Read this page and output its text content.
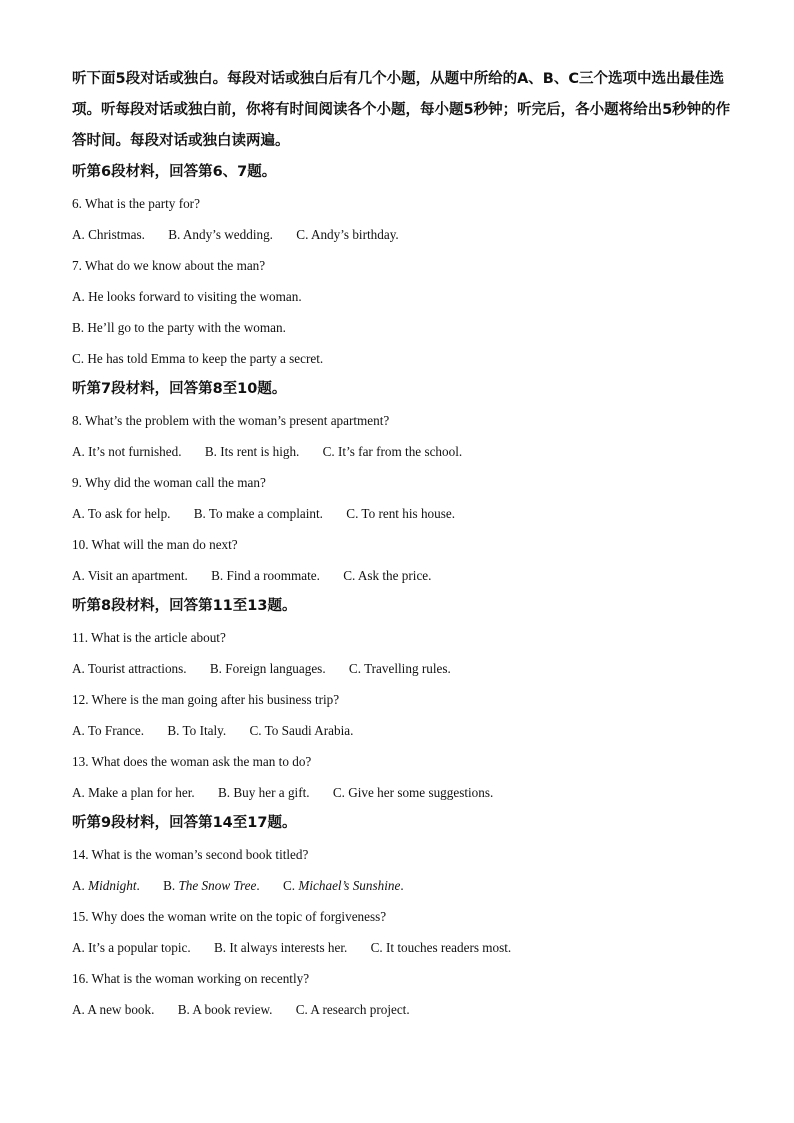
听下面5段对话或独白。每段对话或独白后有几个小题，从题中所给的A、B、C三个选项中选出最佳选项。听每段对话或独白前，你将有时间阅读各个小题，每小题5秒钟；听完后，各小题将给出5秒钟的作答时间。每段对话或独白读两遍。

听第6段材料，回答第6、7题。

6. What is the party for?

A. Christmas. B. Andy’s wedding. C. Andy’s birthday.

7. What do we know about the man?

A. He looks forward to visiting the woman.

B. He’ll go to the party with the woman.

C. He has told Emma to keep the party a secret.

听第7段材料，回答第8至10题。

8. What’s the problem with the woman’s present apartment?

A. It’s not furnished. B. Its rent is high. C. It’s far from the school.

9. Why did the woman call the man?

A. To ask for help. B. To make a complaint. C. To rent his house.

10. What will the man do next?

A. Visit an apartment. B. Find a roommate. C. Ask the price.

听第8段材料，回答第11至13题。

11. What is the article about?

A. Tourist attractions. B. Foreign languages. C. Travelling rules.

12. Where is the man going after his business trip?

A. To France. B. To Italy. C. To Saudi Arabia.

13. What does the woman ask the man to do?

A. Make a plan for her. B. Buy her a gift. C. Give her some suggestions.

听第9段材料，回答第14至17题。

14. What is the woman’s second book titled?

A. Midnight. B. The Snow Tree. C. Michael’s Sunshine.

15. Why does the woman write on the topic of forgiveness?

A. It’s a popular topic. B. It always interests her. C. It touches readers most.

16. What is the woman working on recently?

A. A new book. B. A book review. C. A research project.
